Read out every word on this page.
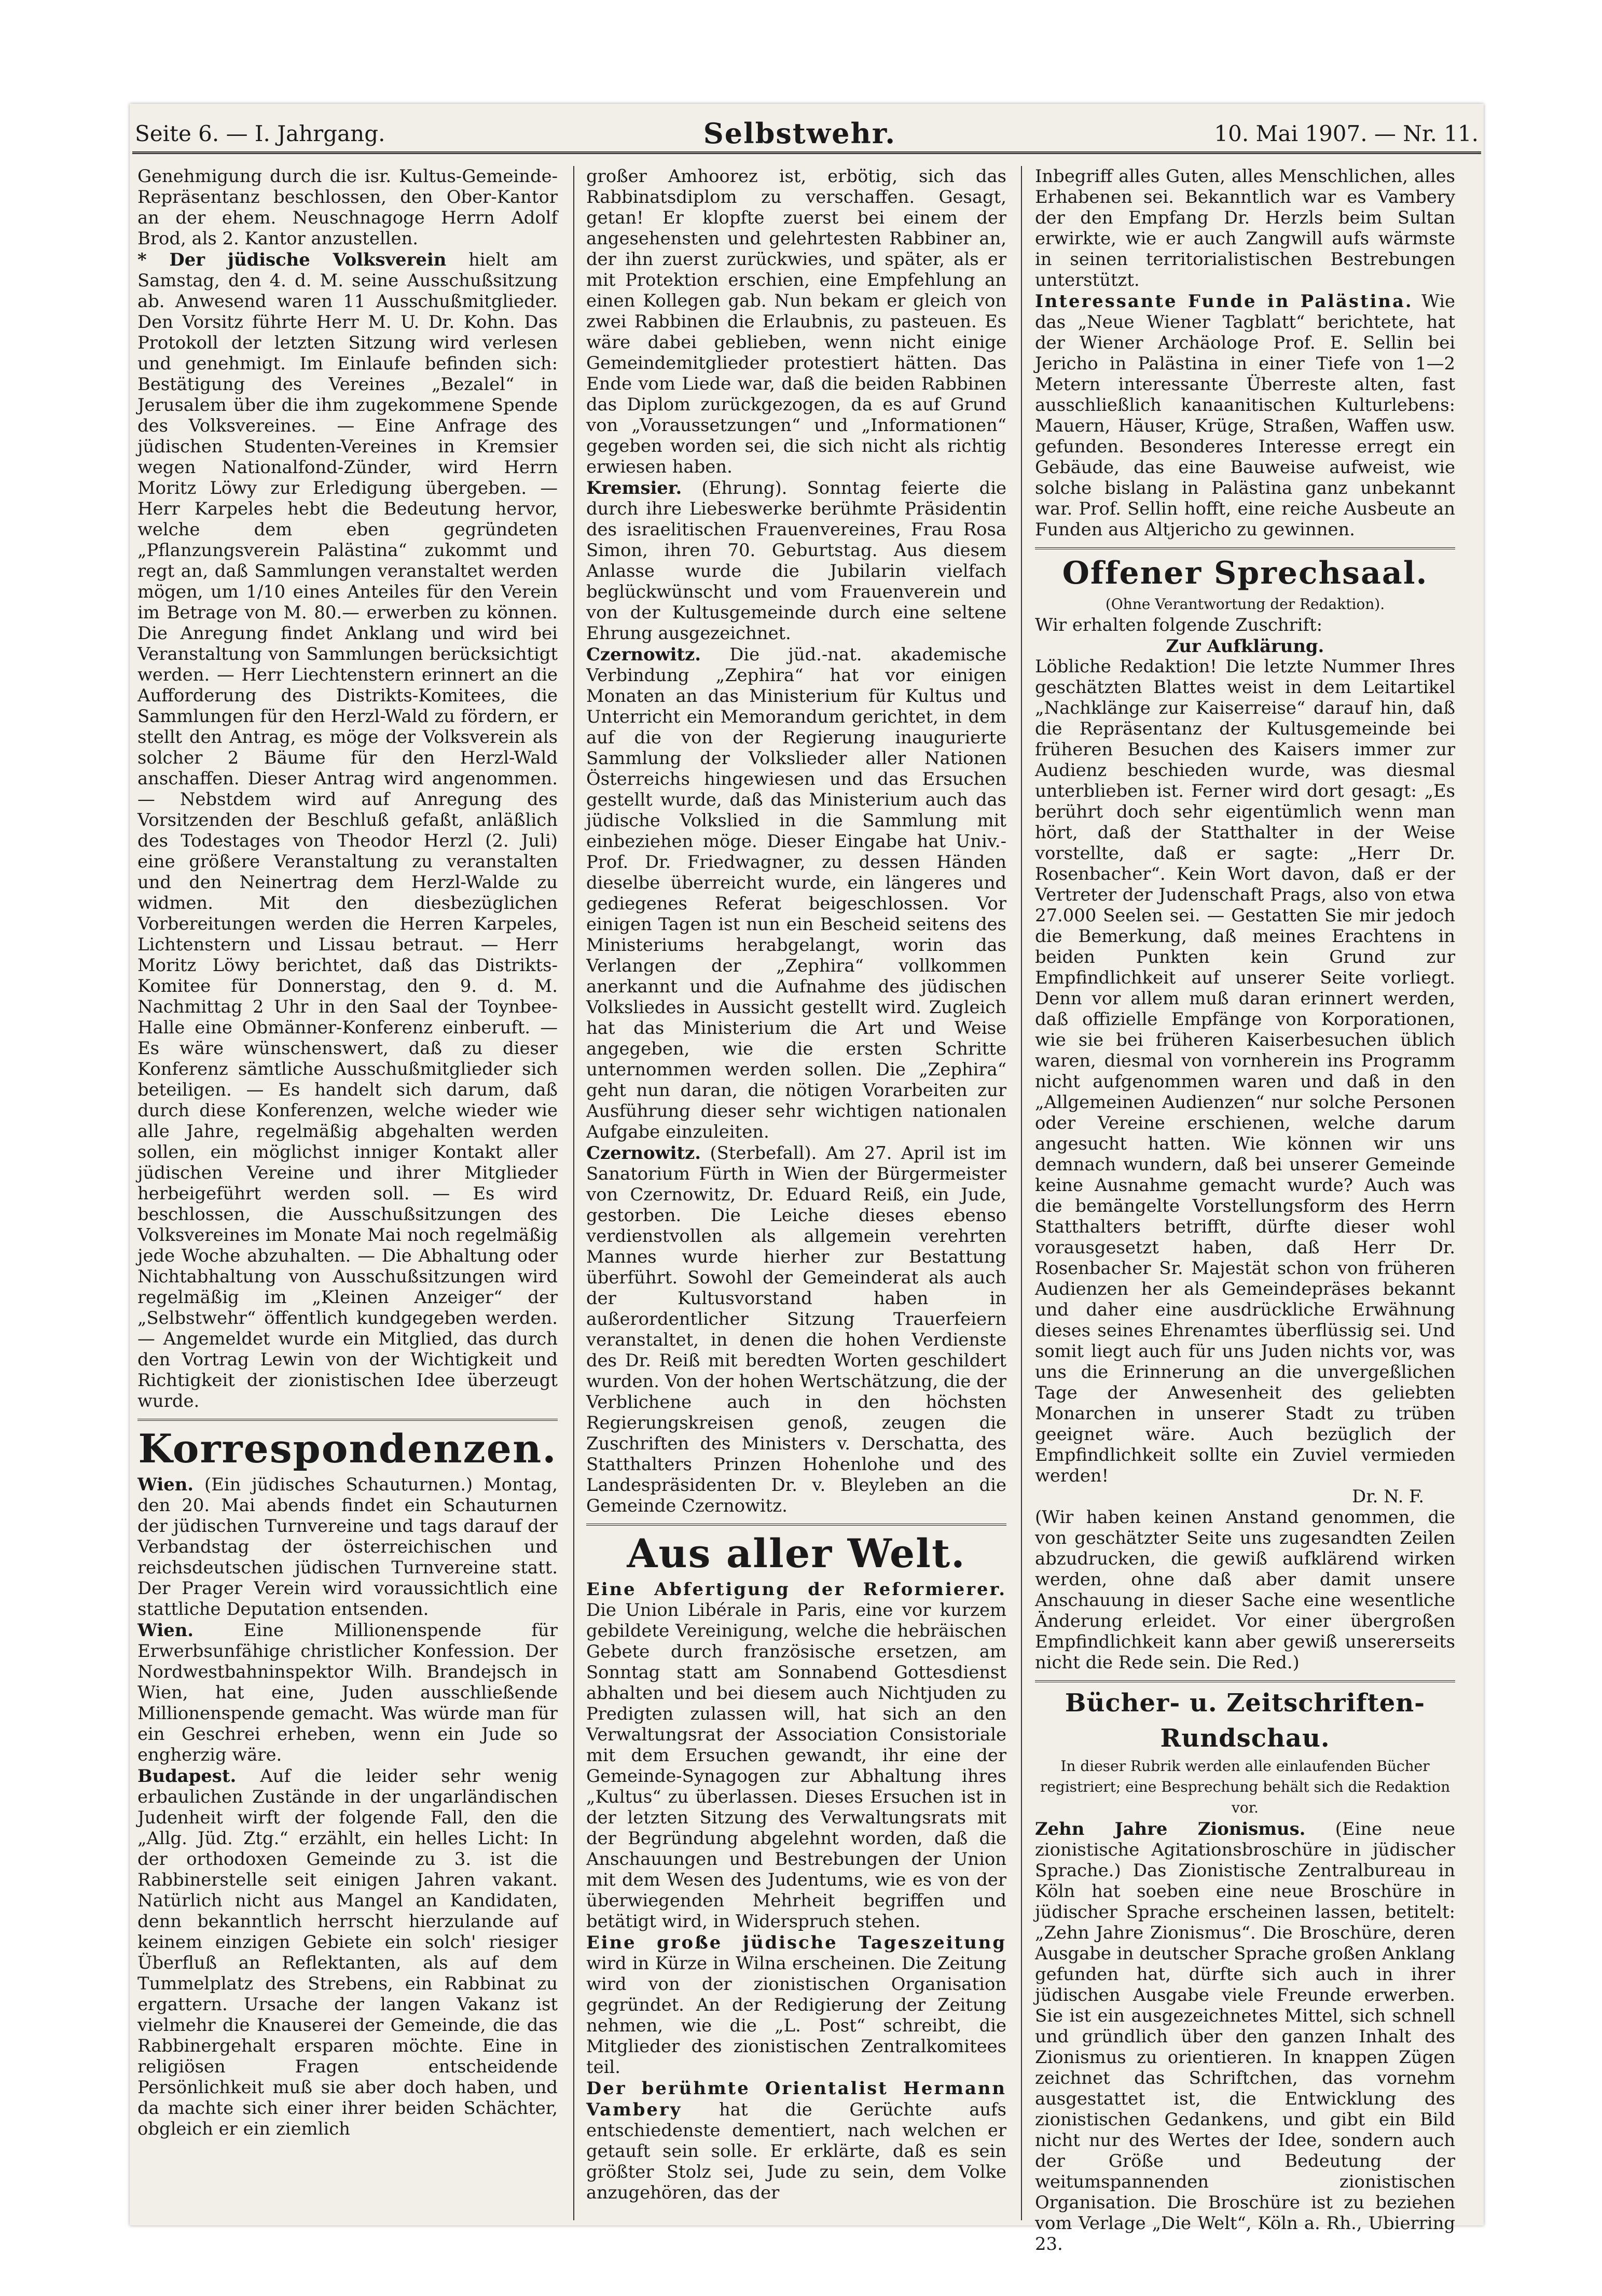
Seite 6. — I. Jahrgang.	Selbstwehr.	10. Mai 1907. — Nr. 11.

Genehmigung durch die isr. Kultus-Gemeinde-Repräsentanz beschlossen, den Ober-Kantor an der ehem. Neuschnagoge Herrn Adolf Brod, als 2. Kantor anzustellen.

* Der jüdische Volksverein hielt am Samstag, den 4. d. M. seine Ausschußsitzung ab. Anwesend waren 11 Ausschußmitglieder. Den Vorsitz führte Herr M. U. Dr. Kohn. Das Protokoll der letzten Sitzung wird verlesen und genehmigt. Im Einlaufe befinden sich: Bestätigung des Vereines „Bezalel“ in Jerusalem über die ihm zugekommene Spende des Volksvereines. — Eine Anfrage des jüdischen Studenten-Vereines in Kremsier wegen Nationalfond-Zünder, wird Herrn Moritz Löwy zur Erledigung übergeben. — Herr Karpeles hebt die Bedeutung hervor, welche dem eben gegründeten „Pflanzungsverein Palästina“ zukommt und regt an, daß Sammlungen veranstaltet werden mögen, um 1/10 eines Anteiles für den Verein im Betrage von M. 80.— erwerben zu können. Die Anregung findet Anklang und wird bei Veranstaltung von Sammlungen berücksichtigt werden. — Herr Liechtenstern erinnert an die Aufforderung des Distrikts-Komitees, die Sammlungen für den Herzl-Wald zu fördern, er stellt den Antrag, es möge der Volksverein als solcher 2 Bäume für den Herzl-Wald anschaffen. Dieser Antrag wird angenommen. — Nebstdem wird auf Anregung des Vorsitzenden der Beschluß gefaßt, anläßlich des Todestages von Theodor Herzl (2. Juli) eine größere Veranstaltung zu veranstalten und den Neinertrag dem Herzl-Walde zu widmen. Mit den diesbezüglichen Vorbereitungen werden die Herren Karpeles, Lichtenstern und Lissau betraut. — Herr Moritz Löwy berichtet, daß das Distrikts-Komitee für Donnerstag, den 9. d. M. Nachmittag 2 Uhr in den Saal der Toynbee-Halle eine Obmänner-Konferenz einberuft. — Es wäre wünschenswert, daß zu dieser Konferenz sämtliche Ausschußmitglieder sich beteiligen. — Es handelt sich darum, daß durch diese Konferenzen, welche wieder wie alle Jahre, regelmäßig abgehalten werden sollen, ein möglichst inniger Kontakt aller jüdischen Vereine und ihrer Mitglieder herbeigeführt werden soll. — Es wird beschlossen, die Ausschußsitzungen des Volksvereines im Monate Mai noch regelmäßig jede Woche abzuhalten. — Die Abhaltung oder Nichtabhaltung von Ausschußsitzungen wird regelmäßig im „Kleinen Anzeiger“ der „Selbstwehr“ öffentlich kundgegeben werden. — Angemeldet wurde ein Mitglied, das durch den Vortrag Lewin von der Wichtigkeit und Richtigkeit der zionistischen Idee überzeugt wurde.

Korrespondenzen.

Wien. (Ein jüdisches Schauturnen.) Montag, den 20. Mai abends findet ein Schauturnen der jüdischen Turnvereine und tags darauf der Verbandstag der österreichischen und reichsdeutschen jüdischen Turnvereine statt. Der Prager Verein wird voraussichtlich eine stattliche Deputation entsenden.

Wien.	Eine Millionenspende für Erwerbsunfähige christlicher Konfession. Der Nordwestbahninspektor Wilh. Brandejsch in Wien, hat eine, Juden ausschließende Millionenspende gemacht. Was würde man für ein Geschrei erheben, wenn ein Jude so engherzig wäre.

Budapest. Auf die leider sehr wenig erbaulichen Zustände in der ungarländischen Judenheit wirft der folgende Fall, den die „Allg. Jüd. Ztg.“ erzählt, ein helles Licht: In der orthodoxen Gemeinde zu 3. ist die Rabbinerstelle seit einigen Jahren vakant. Natürlich nicht aus Mangel an Kandidaten, denn bekanntlich herrscht hierzulande auf keinem einzigen Gebiete ein solch' riesiger Überfluß an Reflektanten, als auf dem Tummelplatz des Strebens, ein Rabbinat zu ergattern. Ursache der langen Vakanz ist vielmehr die Knauserei der Gemeinde, die das Rabbinergehalt ersparen möchte. Eine in religiösen Fragen entscheidende Persönlichkeit muß sie aber doch haben, und da machte sich einer ihrer beiden Schächter, obgleich er ein ziemlich

großer Amhoorez ist, erbötig, sich das Rabbinatsdiplom zu verschaffen. Gesagt, getan! Er klopfte zuerst bei einem der angesehensten und gelehrtesten Rabbiner an, der ihn zuerst zurückwies, und später, als er mit Protektion erschien, eine Empfehlung an einen Kollegen gab. Nun bekam er gleich von zwei Rabbinen die Erlaubnis, zu pasteuen. Es wäre dabei geblieben, wenn nicht einige Gemeindemitglieder protestiert hätten. Das Ende vom Liede war, daß die beiden Rabbinen das Diplom zurückgezogen, da es auf Grund von „Voraussetzungen“ und „Informationen“ gegeben worden sei, die sich nicht als richtig erwiesen haben.

Kremsier. (Ehrung). Sonntag feierte die durch ihre Liebeswerke berühmte Präsidentin des israelitischen Frauenvereines, Frau Rosa Simon, ihren 70. Geburtstag. Aus diesem Anlasse wurde die Jubilarin vielfach beglückwünscht und vom Frauenverein und von der Kultusgemeinde durch eine seltene Ehrung ausgezeichnet.

Czernowitz. Die jüd.-nat. akademische Verbindung „Zephira“ hat vor einigen Monaten an das Ministerium für Kultus und Unterricht ein Memorandum gerichtet, in dem auf die von der Regierung inaugurierte Sammlung der Volkslieder aller Nationen Österreichs hingewiesen und das Ersuchen gestellt wurde, daß das Ministerium auch das jüdische Volkslied in die Sammlung mit einbeziehen möge. Dieser Eingabe hat Univ.-Prof. Dr. Friedwagner, zu dessen Händen dieselbe überreicht wurde, ein längeres und gediegenes Referat beigeschlossen. Vor einigen Tagen ist nun ein Bescheid seitens des Ministeriums herabgelangt, worin das Verlangen der „Zephira“ vollkommen anerkannt und die Aufnahme des jüdischen Volksliedes in Aussicht gestellt wird. Zugleich hat das Ministerium die Art und Weise angegeben, wie die ersten Schritte unternommen werden sollen. Die „Zephira“ geht nun daran, die nötigen Vorarbeiten zur Ausführung dieser sehr wichtigen nationalen Aufgabe einzuleiten.

Czernowitz. (Sterbefall). Am 27. April ist im Sanatorium Fürth in Wien der Bürgermeister von Czernowitz, Dr. Eduard Reiß, ein Jude, gestorben. Die Leiche dieses ebenso verdienstvollen als allgemein verehrten Mannes wurde hierher zur Bestattung überführt. Sowohl der Gemeinderat als auch der Kultusvorstand haben in außerordentlicher Sitzung Trauerfeiern veranstaltet, in denen die hohen Verdienste des Dr. Reiß mit beredten Worten geschildert wurden. Von der hohen Wertschätzung, die der Verblichene auch in den höchsten Regierungskreisen genoß, zeugen die Zuschriften des Ministers v. Derschatta, des Statthalters Prinzen Hohenlohe und des Landespräsidenten Dr. v. Bleyleben an die Gemeinde Czernowitz.

Aus aller Welt.

Eine Abfertigung der Reformierer. Die Union Libérale in Paris, eine vor kurzem gebildete Vereinigung, welche die hebräischen Gebete durch französische ersetzen, am Sonntag statt am Sonnabend Gottesdienst abhalten und bei diesem auch Nichtjuden zu Predigten zulassen will, hat sich an den Verwaltungsrat der Association Consistoriale mit dem Ersuchen gewandt, ihr eine der Gemeinde-Synagogen zur Abhaltung ihres „Kultus“ zu überlassen. Dieses Ersuchen ist in der letzten Sitzung des Verwaltungsrats mit der Begründung abgelehnt worden, daß die Anschauungen und Bestrebungen der Union mit dem Wesen des Judentums, wie es von der überwiegenden Mehrheit begriffen und betätigt wird, in Widerspruch stehen.

Eine große jüdische Tageszeitung wird in Kürze in Wilna erscheinen. Die Zeitung wird von der zionistischen Organisation gegründet. An der Redigierung der Zeitung nehmen, wie die „L. Post“ schreibt, die Mitglieder des zionistischen Zentralkomitees teil.

Der berühmte Orientalist Hermann Vambery hat die Gerüchte aufs entschiedenste dementiert, nach welchen er getauft sein solle. Er erklärte, daß es sein größter Stolz sei, Jude zu sein, dem Volke anzugehören, das der

Inbegriff alles Guten, alles Menschlichen, alles Erhabenen sei. Bekanntlich war es Vambery der den Empfang Dr. Herzls beim Sultan erwirkte, wie er auch Zangwill aufs wärmste in seinen territorialistischen Bestrebungen unterstützt.

Interessante Funde in Palästina. Wie das „Neue Wiener Tagblatt“ berichtete, hat der Wiener Archäologe Prof. E. Sellin bei Jericho in Palästina in einer Tiefe von 1—2 Metern interessante Überreste alten, fast ausschließlich kanaanitischen Kulturlebens: Mauern, Häuser, Krüge, Straßen, Waffen usw. gefunden. Besonderes Interesse erregt ein Gebäude, das eine Bauweise aufweist, wie solche bislang in Palästina ganz unbekannt war. Prof. Sellin hofft, eine reiche Ausbeute an Funden aus Altjericho zu gewinnen.

Offener Sprechsaal.
(Ohne Verantwortung der Redaktion).
Wir erhalten folgende Zuschrift:
Zur Aufklärung.

Löbliche Redaktion! Die letzte Nummer Ihres geschätzten Blattes weist in dem Leitartikel „Nachklänge zur Kaiserreise“ darauf hin, daß die Repräsentanz der Kultusgemeinde bei früheren Besuchen des Kaisers immer zur Audienz beschieden wurde, was diesmal unterblieben ist. Ferner wird dort gesagt: „Es berührt doch sehr eigentümlich wenn man hört, daß der Statthalter in der Weise vorstellte, daß er sagte: „Herr Dr. Rosenbacher“. Kein Wort davon, daß er der Vertreter der Judenschaft Prags, also von etwa 27.000 Seelen sei. — Gestatten Sie mir jedoch die Bemerkung, daß meines Erachtens in beiden Punkten kein Grund zur Empfindlichkeit auf unserer Seite vorliegt. Denn vor allem muß daran erinnert werden, daß offizielle Empfänge von Korporationen, wie sie bei früheren Kaiserbesuchen üblich waren, diesmal von vornherein ins Programm nicht aufgenommen waren und daß in den „Allgemeinen Audienzen“ nur solche Personen oder Vereine erschienen, welche darum angesucht hatten. Wie können wir uns demnach wundern, daß bei unserer Gemeinde keine Ausnahme gemacht wurde? Auch was die bemängelte Vorstellungsform des Herrn Statthalters betrifft, dürfte dieser wohl vorausgesetzt haben, daß Herr Dr. Rosenbacher Sr. Majestät schon von früheren Audienzen her als Gemeindepräses bekannt und daher eine ausdrückliche Erwähnung dieses seines Ehrenamtes überflüssig sei. Und somit liegt auch für uns Juden nichts vor, was uns die Erinnerung an die unvergeßlichen Tage der Anwesenheit des geliebten Monarchen in unserer Stadt zu trüben geeignet wäre. Auch bezüglich der Empfindlichkeit sollte ein Zuviel vermieden werden!

Dr. N. F.

(Wir haben keinen Anstand genommen, die von geschätzter Seite uns zugesandten Zeilen abzudrucken, die gewiß aufklärend wirken werden, ohne daß aber damit unsere Anschauung in dieser Sache eine wesentliche Änderung erleidet. Vor einer übergroßen Empfindlichkeit kann aber gewiß unsererseits nicht die Rede sein. Die Red.)

Bücher- u. Zeitschriften-Rundschau.
In dieser Rubrik werden alle einlaufenden Bücher registriert; eine Besprechung behält sich die Redaktion vor.

Zehn Jahre Zionismus. (Eine neue zionistische Agitationsbroschüre in jüdischer Sprache.) Das Zionistische Zentralbureau in Köln hat soeben eine neue Broschüre in jüdischer Sprache erscheinen lassen, betitelt: „Zehn Jahre Zionismus“. Die Broschüre, deren Ausgabe in deutscher Sprache großen Anklang gefunden hat, dürfte sich auch in ihrer jüdischen Ausgabe viele Freunde erwerben. Sie ist ein ausgezeichnetes Mittel, sich schnell und gründlich über den ganzen Inhalt des Zionismus zu orientieren. In knappen Zügen zeichnet das Schriftchen, das vornehm ausgestattet ist, die Entwicklung des zionistischen Gedankens, und gibt ein Bild nicht nur des Wertes der Idee, sondern auch der Größe und Bedeutung der weitumspannenden zionistischen Organisation. Die Broschüre ist zu beziehen vom Verlage „Die Welt“, Köln a. Rh., Ubierring 23.
